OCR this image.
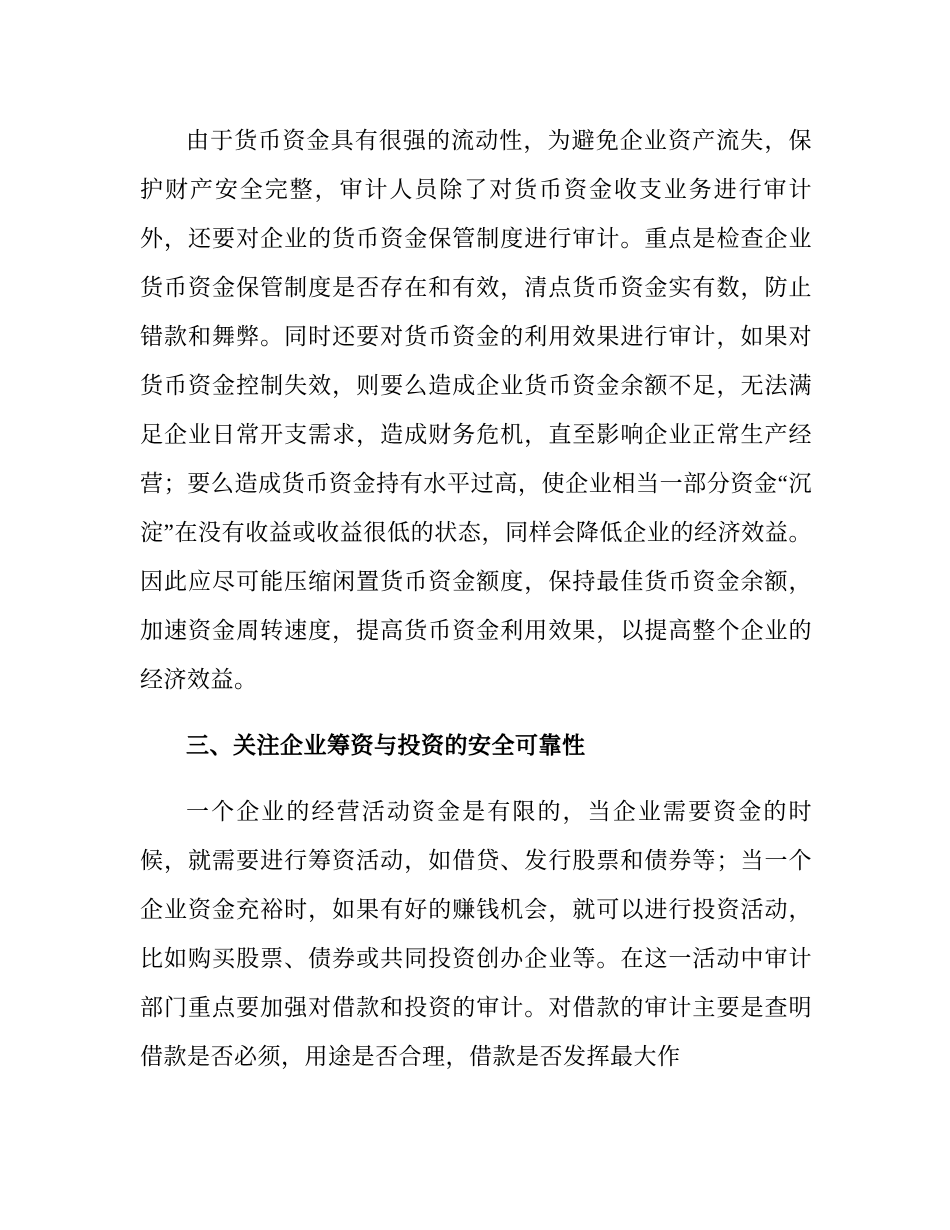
由于货币资金具有很强的流动性，为避免企业资产流失，保护财产安全完整，审计人员除了对货币资金收支业务进行审计外，还要对企业的货币资金保管制度进行审计。重点是检查企业货币资金保管制度是否存在和有效，清点货币资金实有数，防止错款和舞弊。同时还要对货币资金的利用效果进行审计，如果对货币资金控制失效，则要么造成企业货币资金余额不足，无法满足企业日常开支需求，造成财务危机，直至影响企业正常生产经营；要么造成货币资金持有水平过高，使企业相当一部分资金“沉淀”在没有收益或收益很低的状态，同样会降低企业的经济效益。因此应尽可能压缩闲置货币资金额度，保持最佳货币资金余额，加速资金周转速度，提高货币资金利用效果，以提高整个企业的经济效益。

三、关注企业筹资与投资的安全可靠性

一个企业的经营活动资金是有限的，当企业需要资金的时候，就需要进行筹资活动，如借贷、发行股票和债券等；当一个企业资金充裕时，如果有好的赚钱机会，就可以进行投资活动，比如购买股票、债券或共同投资创办企业等。在这一活动中审计部门重点要加强对借款和投资的审计。对借款的审计主要是查明借款是否必须，用途是否合理，借款是否发挥最大作
